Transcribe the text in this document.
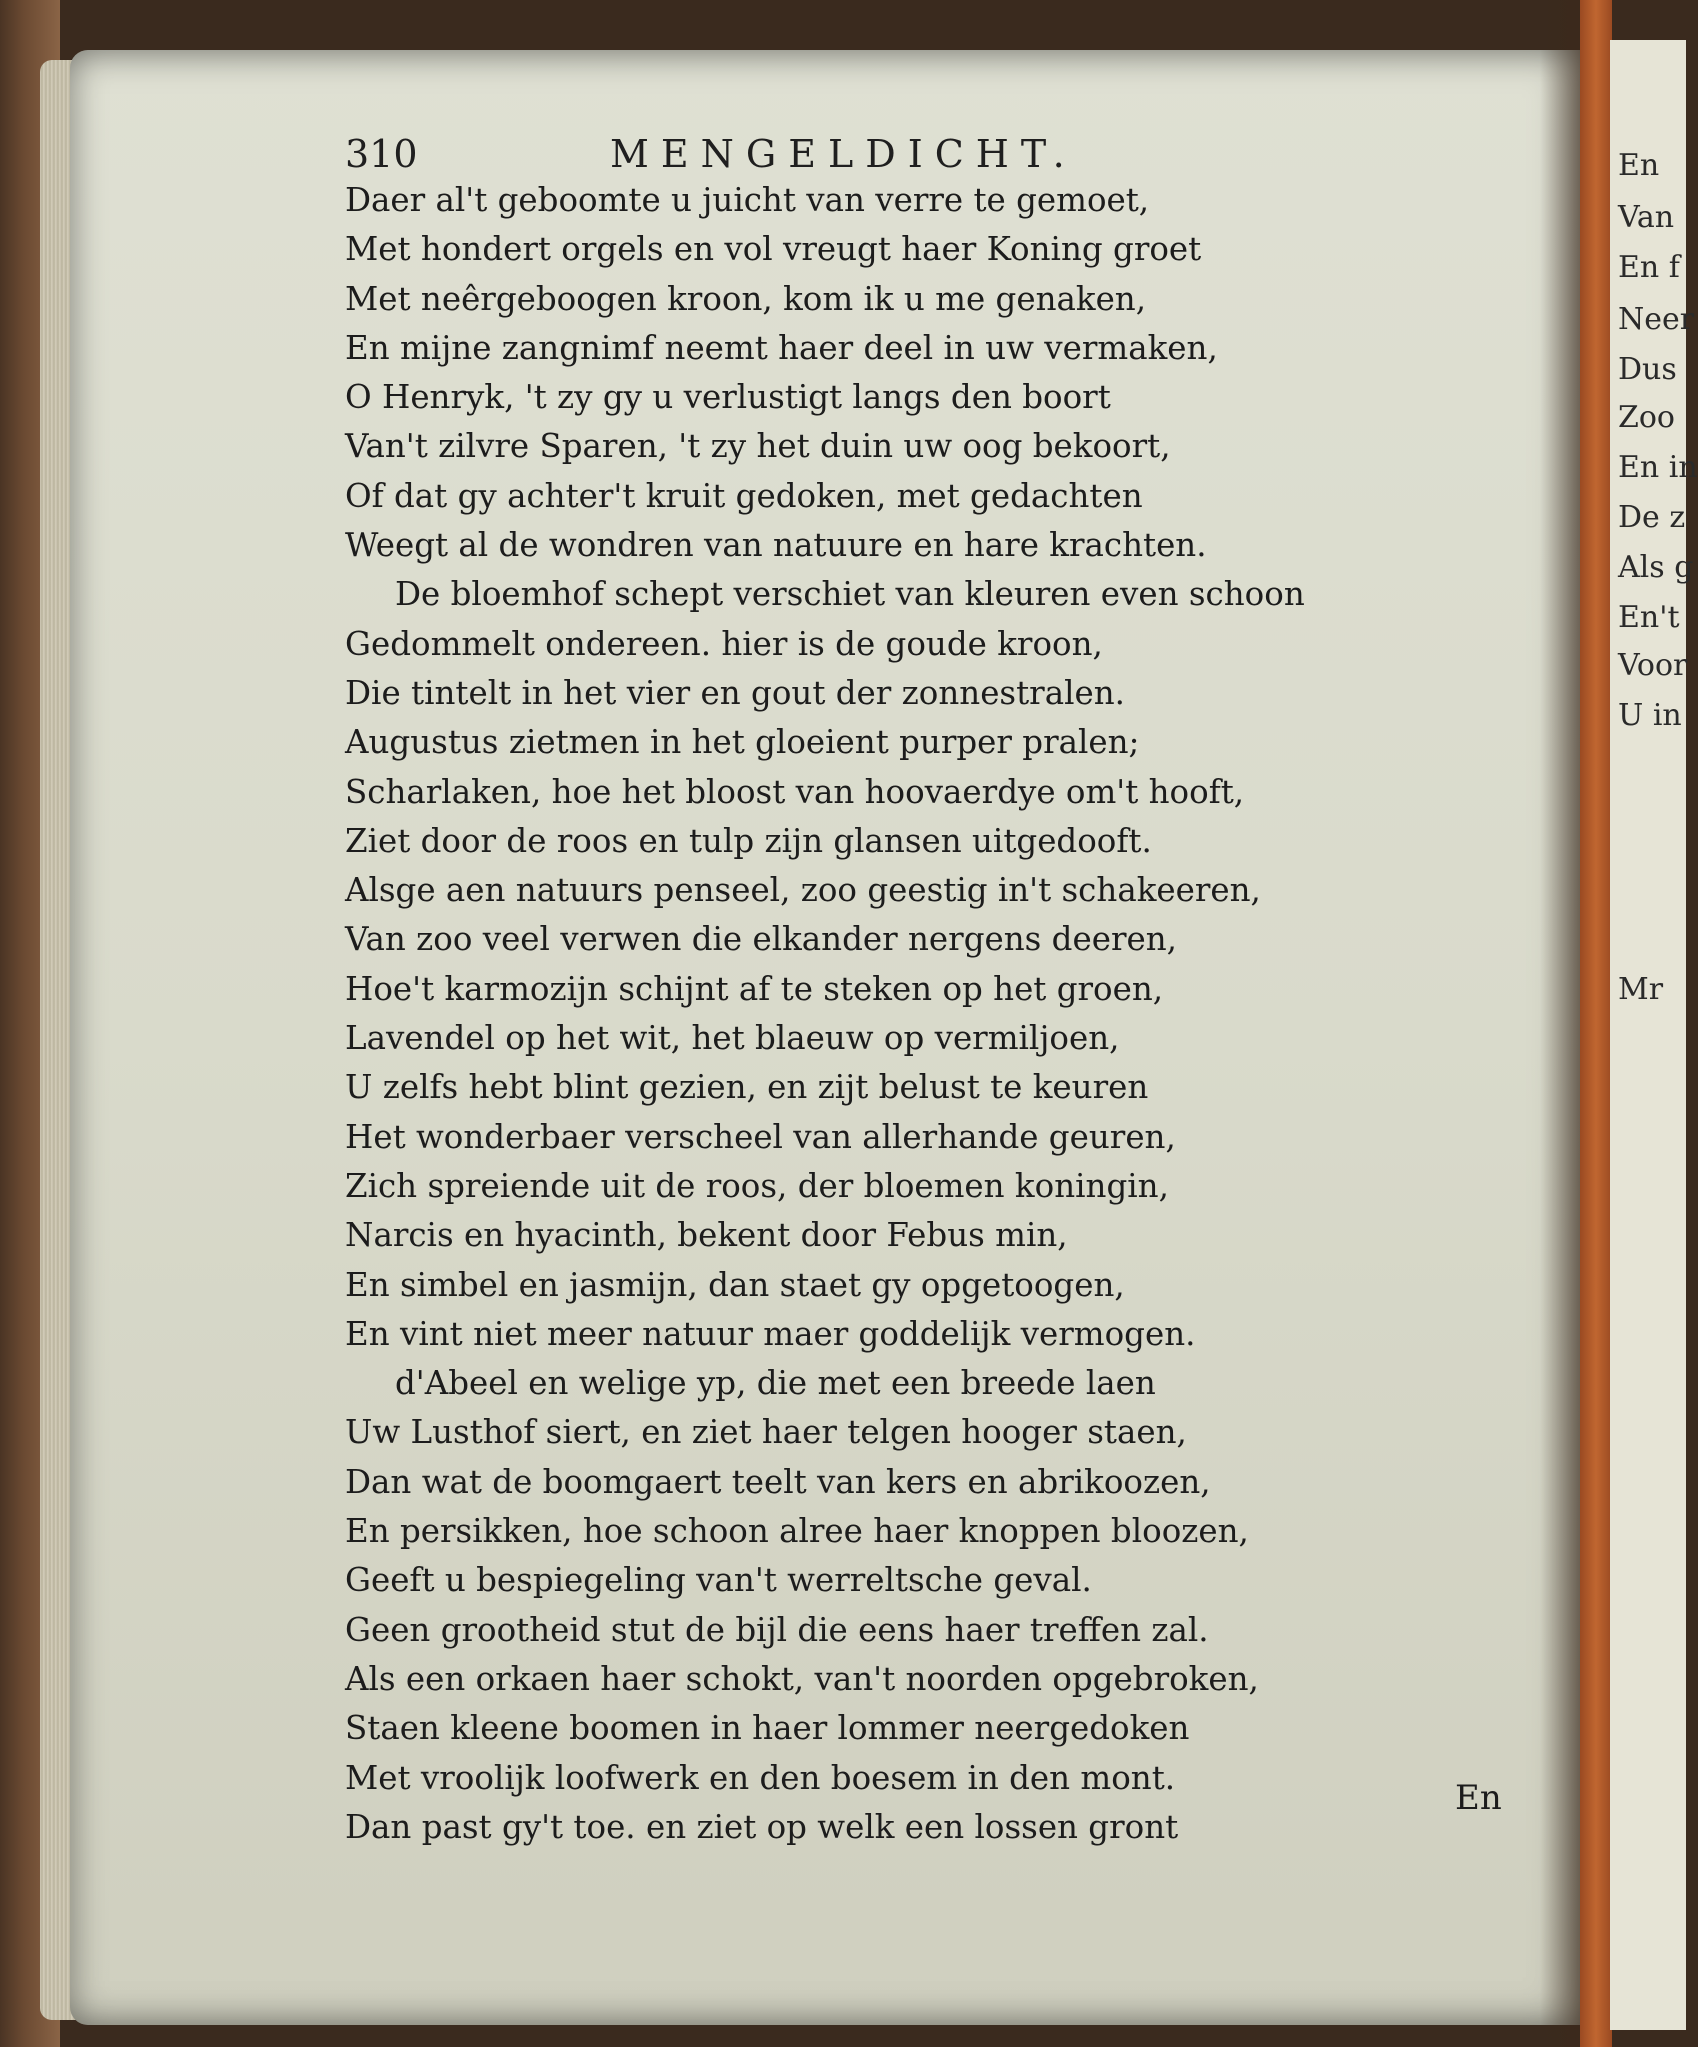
310	MENGELDICHT.
Daer al't geboomte u juicht van verre te gemoet,
Met hondert orgels en vol vreugt haer Koning groet
Met neêrgeboogen kroon, kom ik u me genaken,
En mijne zangnimf neemt haer deel in uw vermaken,
O Henryk, 't zy gy u verlustigt langs den boort
Van't zilvre Sparen, 't zy het duin uw oog bekoort,
Of dat gy achter't kruit gedoken, met gedachten
Weegt al de wondren van natuure en hare krachten.
De bloemhof schept verschiet van kleuren even schoon
Gedommelt ondereen. hier is de goude kroon,
Die tintelt in het vier en gout der zonnestralen.
Augustus zietmen in het gloeient purper pralen;
Scharlaken, hoe het bloost van hoovaerdye om't hooft,
Ziet door de roos en tulp zijn glansen uitgedooft.
Alsge aen natuurs penseel, zoo geestig in't schakeeren,
Van zoo veel verwen die elkander nergens deeren,
Hoe't karmozijn schijnt af te steken op het groen,
Lavendel op het wit, het blaeuw op vermiljoen,
U zelfs hebt blint gezien, en zijt belust te keuren
Het wonderbaer verscheel van allerhande geuren,
Zich spreiende uit de roos, der bloemen koningin,
Narcis en hyacinth, bekent door Febus min,
En simbel en jasmijn, dan staet gy opgetoogen,
En vint niet meer natuur maer goddelijk vermogen.
d'Abeel en welige yp, die met een breede laen
Uw Lusthof siert, en ziet haer telgen hooger staen,
Dan wat de boomgaert teelt van kers en abrikoozen,
En persikken, hoe schoon alree haer knoppen bloozen,
Geeft u bespiegeling van't werreltsche geval.
Geen grootheid stut de bijl die eens haer treffen zal.
Als een orkaen haer schokt, van't noorden opgebroken,
Staen kleene boomen in haer lommer neergedoken
Met vroolijk loofwerk en den boesem in den mont.
Dan past gy't toe. en ziet op welk een lossen gront
En
En
Van
En f
Neer
Dus
Zoo
En in
De z
Als g
En't
Voor
U in
Mr
